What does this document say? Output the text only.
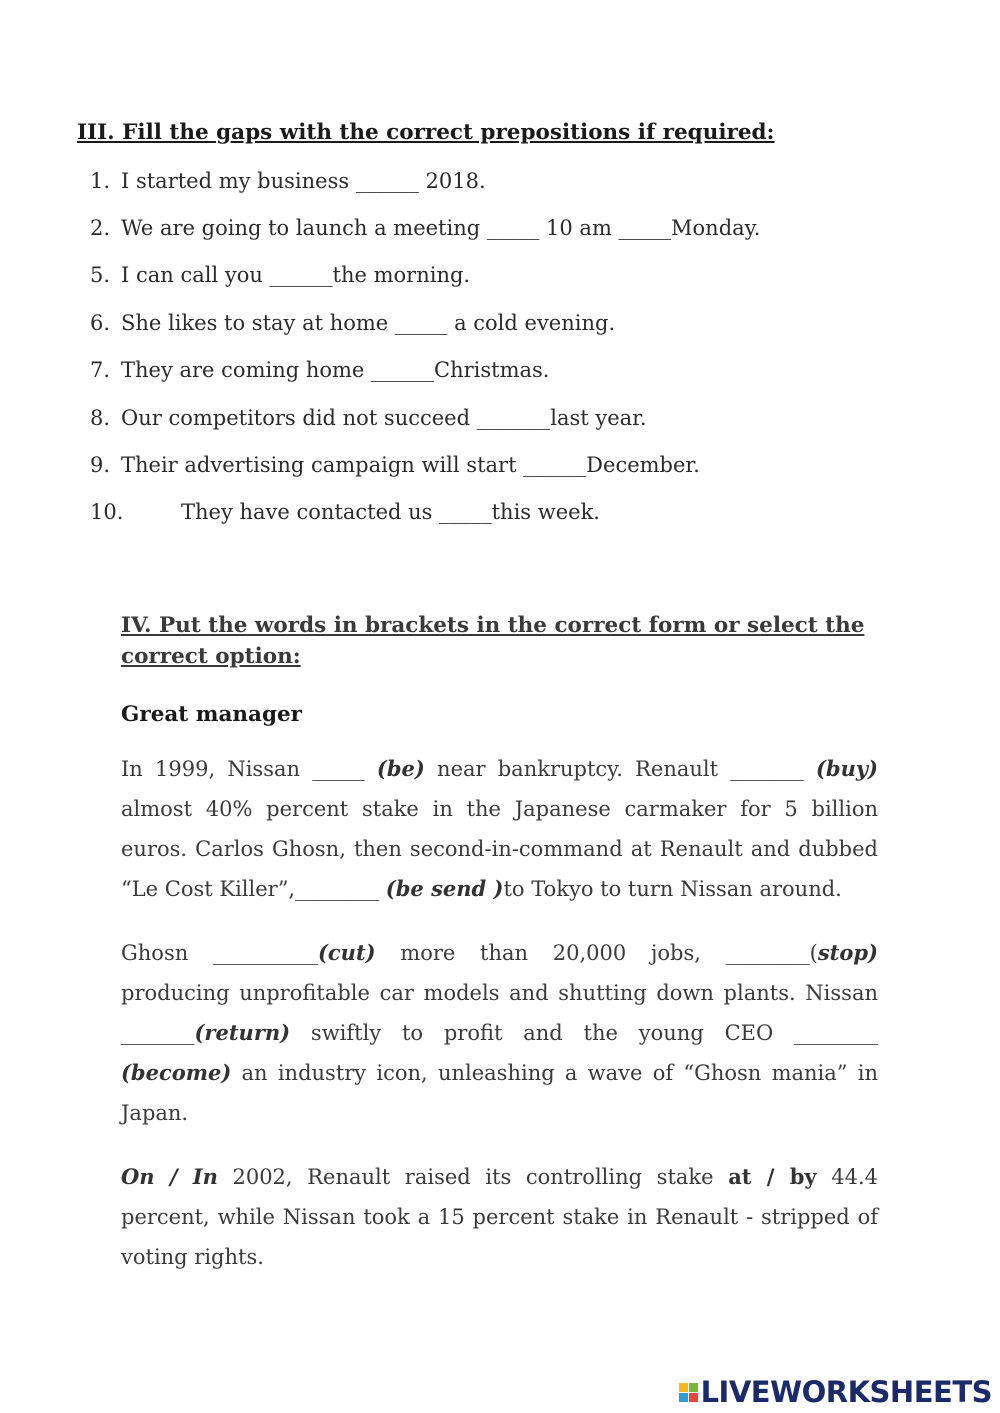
III. Fill the gaps with the correct prepositions if required:
1. I started my business ______ 2018.
2. We are going to launch a meeting _____ 10 am _____Monday.
5. I can call you ______the morning.
6. She likes to stay at home _____ a cold evening.
7. They are coming home ______Christmas.
8. Our competitors did not succeed _______last year.
9. Their advertising campaign will start ______December.
10.	They have contacted us _____this week.
IV. Put the words in brackets in the correct form or select the correct option:
Great manager
In 1999, Nissan _____ (be) near bankruptcy. Renault _______ (buy) almost 40% percent stake in the Japanese carmaker for 5 billion euros. Carlos Ghosn, then second-in-command at Renault and dubbed “Le Cost Killer”,________ (be send )to Tokyo to turn Nissan around.
Ghosn __________(cut) more than 20,000 jobs, ________(stop) producing unprofitable car models and shutting down plants. Nissan _______(return) swiftly to profit and the young CEO ________ (become) an industry icon, unleashing a wave of “Ghosn mania” in Japan.
On / In 2002, Renault raised its controlling stake at / by 44.4 percent, while Nissan took a 15 percent stake in Renault - stripped of voting rights.
LIVEWORKSHEETS
